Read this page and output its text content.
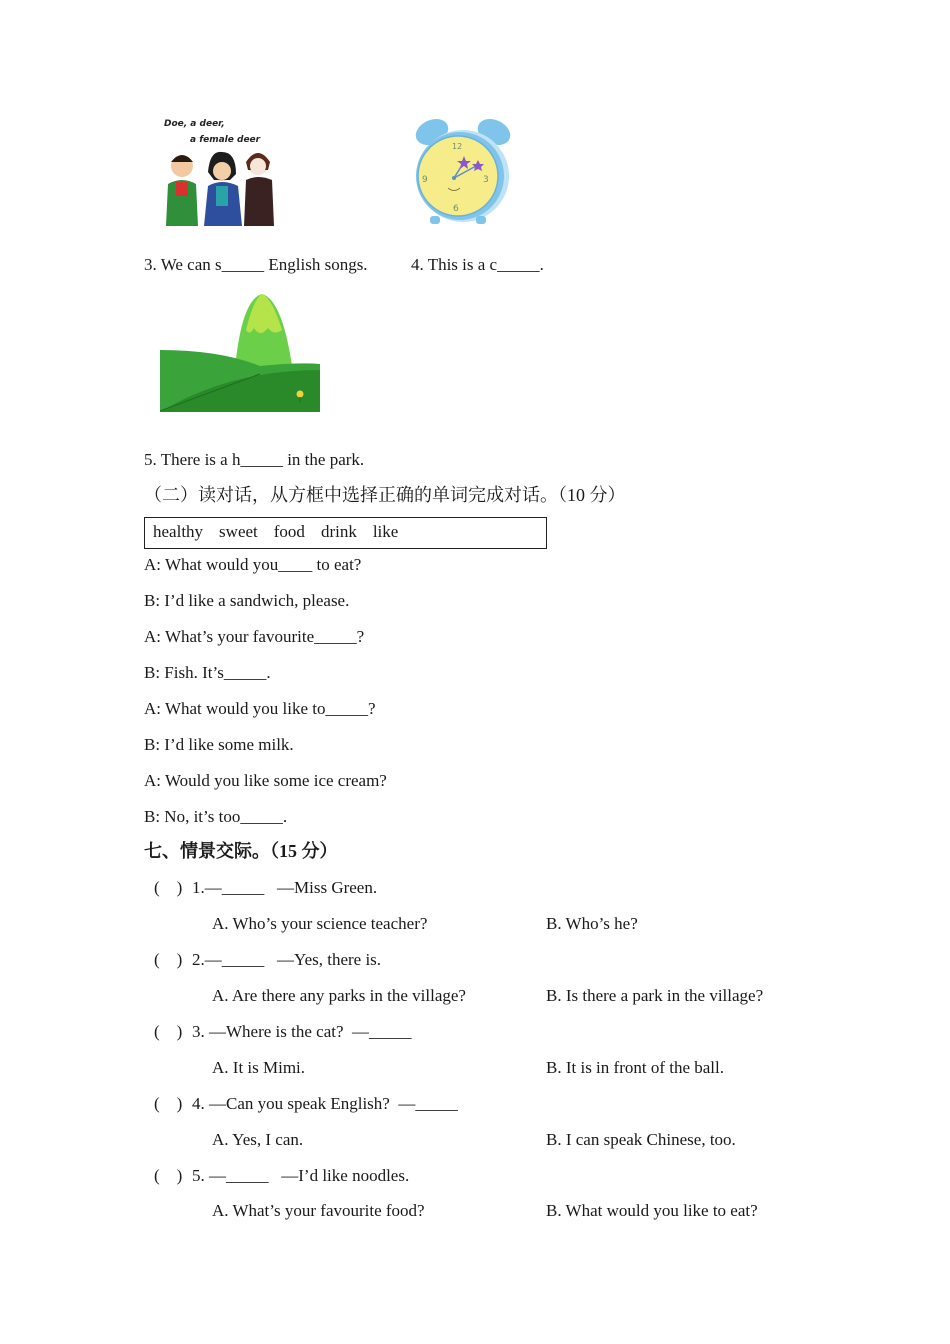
Doe, a deer,
a female deer
12
3
6
9
3. We can s_____ English songs.	4. This is a c_____.
5. There is a h_____ in the park.
（二）读对话，从方框中选择正确的单词完成对话。（10 分）
healthy sweet food drink like
A: What would you____ to eat?
B: I’d like a sandwich, please.
A: What’s your favourite_____?
B: Fish. It’s_____.
A: What would you like to_____?
B: I’d like some milk.
A: Would you like some ice cream?
B: No, it’s too_____.
七、情景交际。（15 分）
(    ) 1.—_____   —Miss Green.
A. Who’s your science teacher?	B. Who’s he?
(    ) 2.—_____   —Yes, there is.
A. Are there any parks in the village?	B. Is there a park in the village?
(    ) 3. —Where is the cat?  —_____
A. It is Mimi.	B. It is in front of the ball.
(    ) 4. —Can you speak English?  —_____
A. Yes, I can.	B. I can speak Chinese, too.
(    ) 5. —_____   —I’d like noodles.
A. What’s your favourite food?	B. What would you like to eat?
